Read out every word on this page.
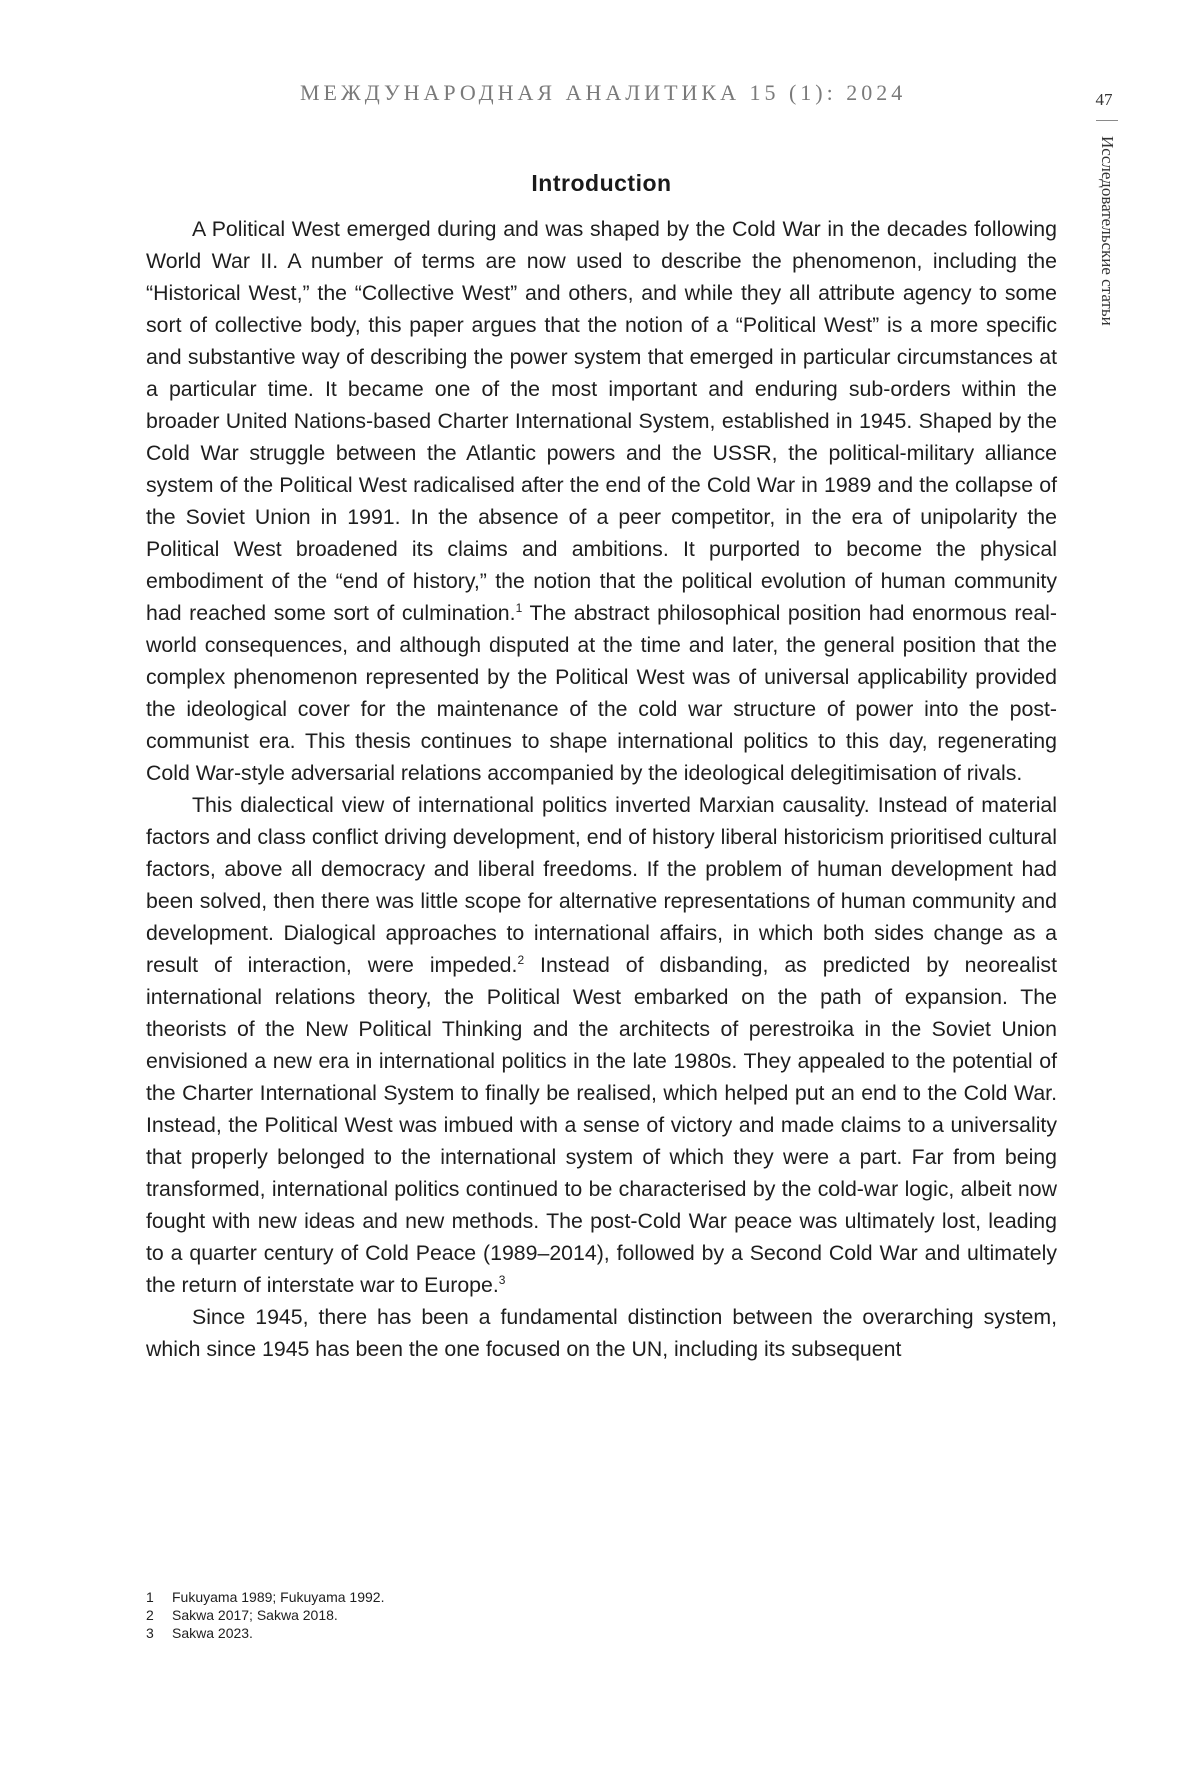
МЕЖДУНАРОДНАЯ АНАЛИТИКА 15 (1): 2024	47
Исследовательские статьи
Introduction

A Political West emerged during and was shaped by the Cold War in the decades following World War II. A number of terms are now used to describe the phenomenon, including the “Historical West,” the “Collective West” and others, and while they all attribute agency to some sort of collective body, this paper argues that the notion of a “Political West” is a more specific and substantive way of describing the power system that emerged in particular circumstances at a particular time. It became one of the most important and enduring sub-orders within the broader United Nations-based Charter International System, established in 1945. Shaped by the Cold War struggle between the Atlantic powers and the USSR, the political-military alliance system of the Political West radicalised after the end of the Cold War in 1989 and the collapse of the Soviet Union in 1991. In the absence of a peer competitor, in the era of unipolarity the Political West broadened its claims and ambitions. It purported to become the physical embodiment of the “end of history,” the notion that the political evolution of human community had reached some sort of culmination.$^1$ The abstract philosophical position had enormous real-world consequences, and although disputed at the time and later, the general position that the complex phenomenon represented by the Political West was of universal applicability provided the ideological cover for the maintenance of the cold war structure of power into the post-communist era. This thesis continues to shape international politics to this day, regenerating Cold War-style adversarial relations accompanied by the ideological delegitimisation of rivals.

This dialectical view of international politics inverted Marxian causality. Instead of material factors and class conflict driving development, end of history liberal historicism prioritised cultural factors, above all democracy and liberal freedoms. If the problem of human development had been solved, then there was little scope for alternative representations of human community and development. Dialogical approaches to international affairs, in which both sides change as a result of interaction, were impeded.$^2$ Instead of disbanding, as predicted by neorealist international relations theory, the Political West embarked on the path of expansion. The theorists of the New Political Thinking and the architects of perestroika in the Soviet Union envisioned a new era in international politics in the late 1980s. They appealed to the potential of the Charter International System to finally be realised, which helped put an end to the Cold War. Instead, the Political West was imbued with a sense of victory and made claims to a universality that properly belonged to the international system of which they were a part. Far from being transformed, international politics continued to be characterised by the cold-war logic, albeit now fought with new ideas and new methods. The post-Cold War peace was ultimately lost, leading to a quarter century of Cold Peace (1989–2014), followed by a Second Cold War and ultimately the return of interstate war to Europe.$^3$

Since 1945, there has been a fundamental distinction between the overarching system, which since 1945 has been the one focused on the UN, including its subsequent

1	Fukuyama 1989; Fukuyama 1992.
2	Sakwa 2017; Sakwa 2018.
3	Sakwa 2023.
